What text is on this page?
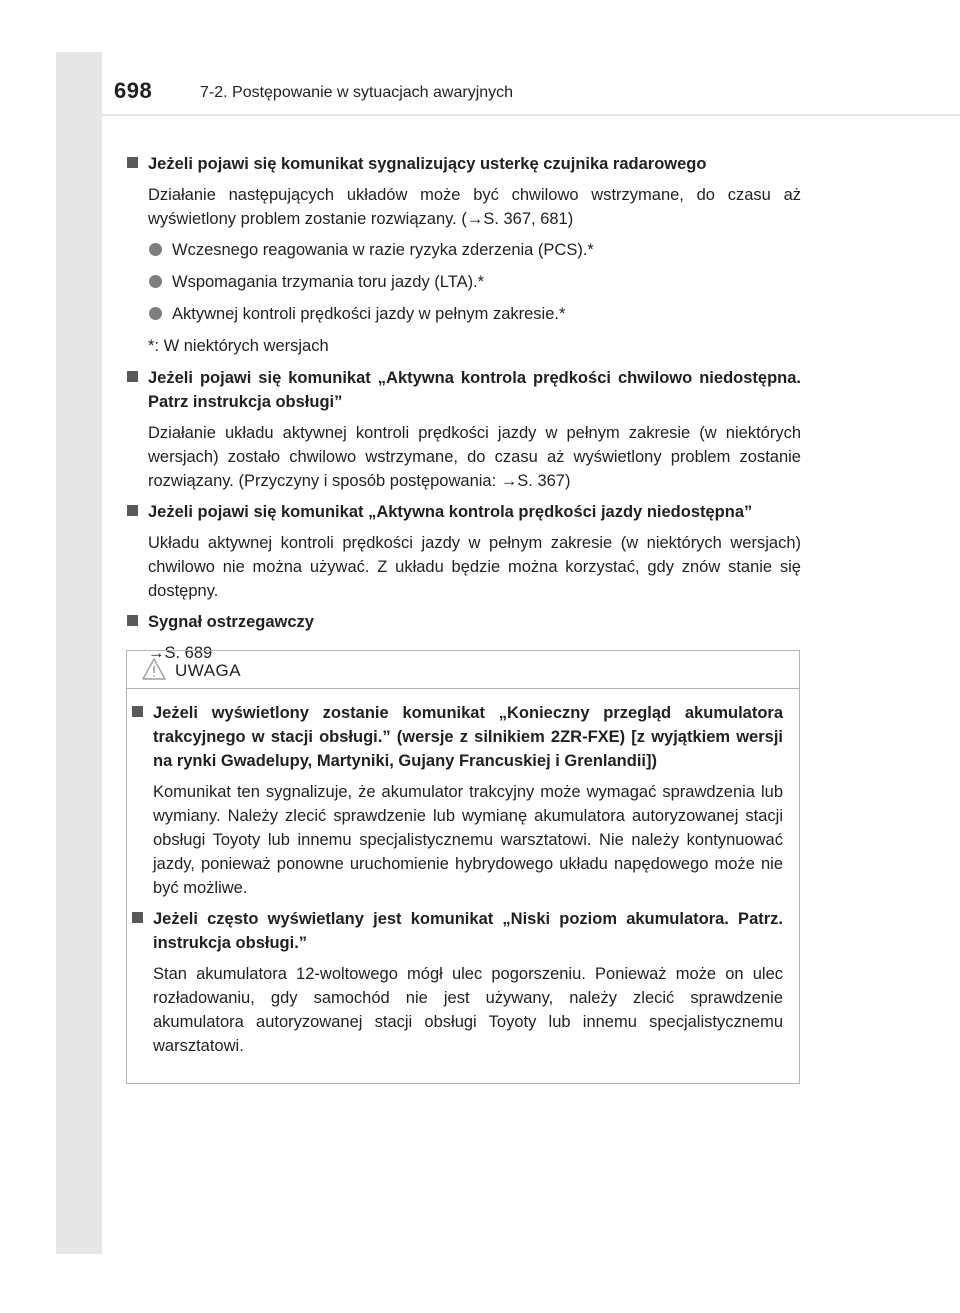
698	7-2. Postępowanie w sytuacjach awaryjnych
Jeżeli pojawi się komunikat sygnalizujący usterkę czujnika radarowego
Działanie następujących układów może być chwilowo wstrzymane, do czasu aż wyświetlony problem zostanie rozwiązany. (→S. 367, 681)
Wczesnego reagowania w razie ryzyka zderzenia (PCS).*
Wspomagania trzymania toru jazdy (LTA).*
Aktywnej kontroli prędkości jazdy w pełnym zakresie.*
*: W niektórych wersjach
Jeżeli pojawi się komunikat „Aktywna kontrola prędkości chwilowo niedostępna. Patrz instrukcja obsługi”
Działanie układu aktywnej kontroli prędkości jazdy w pełnym zakresie (w niektórych wersjach) zostało chwilowo wstrzymane, do czasu aż wyświetlony problem zostanie rozwiązany. (Przyczyny i sposób postępowania: →S. 367)
Jeżeli pojawi się komunikat „Aktywna kontrola prędkości jazdy niedostępna”
Układu aktywnej kontroli prędkości jazdy w pełnym zakresie (w niektórych wersjach) chwilowo nie można używać. Z układu będzie można korzystać, gdy znów stanie się dostępny.
Sygnał ostrzegawczy
→S. 689
UWAGA
Jeżeli wyświetlony zostanie komunikat „Konieczny przegląd akumulatora trakcyjnego w stacji obsługi.” (wersje z silnikiem 2ZR-FXE) [z wyjątkiem wersji na rynki Gwadelupy, Martyniki, Gujany Francuskiej i Grenlandii])
Komunikat ten sygnalizuje, że akumulator trakcyjny może wymagać sprawdzenia lub wymiany. Należy zlecić sprawdzenie lub wymianę akumulatora autoryzowanej stacji obsługi Toyoty lub innemu specjalistycznemu warsztatowi. Nie należy kontynuować jazdy, ponieważ ponowne uruchomienie hybrydowego układu napędowego może nie być możliwe.
Jeżeli często wyświetlany jest komunikat „Niski poziom akumulatora. Patrz. instrukcja obsługi.”
Stan akumulatora 12-woltowego mógł ulec pogorszeniu. Ponieważ może on ulec rozładowaniu, gdy samochód nie jest używany, należy zlecić sprawdzenie akumulatora autoryzowanej stacji obsługi Toyoty lub innemu specjalistycznemu warsztatowi.
